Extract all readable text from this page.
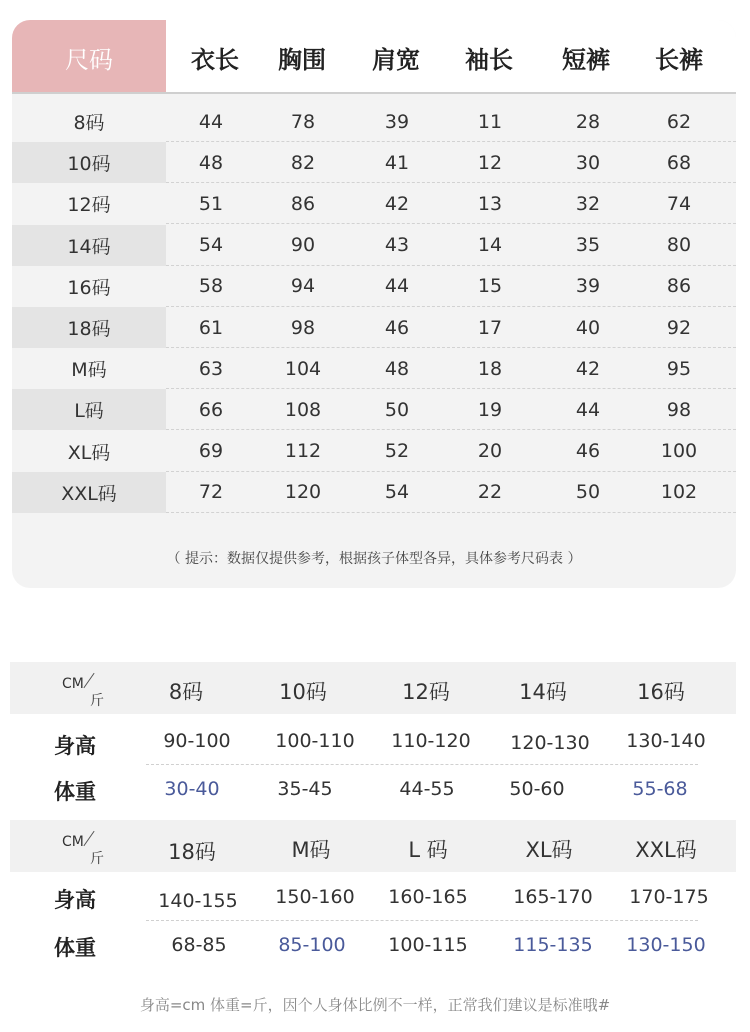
尺码	衣长	胸围	肩宽	袖长	短裤	长裤
8码	44	78	39	11	28	62
10码	48	82	41	12	30	68
12码	51	86	42	13	32	74
14码	54	90	43	14	35	80
16码	58	94	44	15	39	86
18码	61	98	46	17	40	92
M码	63	104	48	18	42	95
L码	66	108	50	19	44	98
XL码	69	112	52	20	46	100
XXL码	72	120	54	22	50	102
（ 提示：数据仅提供参考，根据孩子体型各异，具体参考尺码表 ）
CM
斤	8码	10码	12码	14码	16码
身高	90-100	100-110	110-120	120-130	130-140
体重	30-40	35-45	44-55	50-60	55-68
CM
斤	18码	M码	L 码	XL码	XXL码
身高	140-155	150-160	160-165	165-170	170-175
体重	68-85	85-100	100-115	115-135	130-150
身高=cm 体重=斤，因个人身体比例不一样，正常我们建议是标准哦#
